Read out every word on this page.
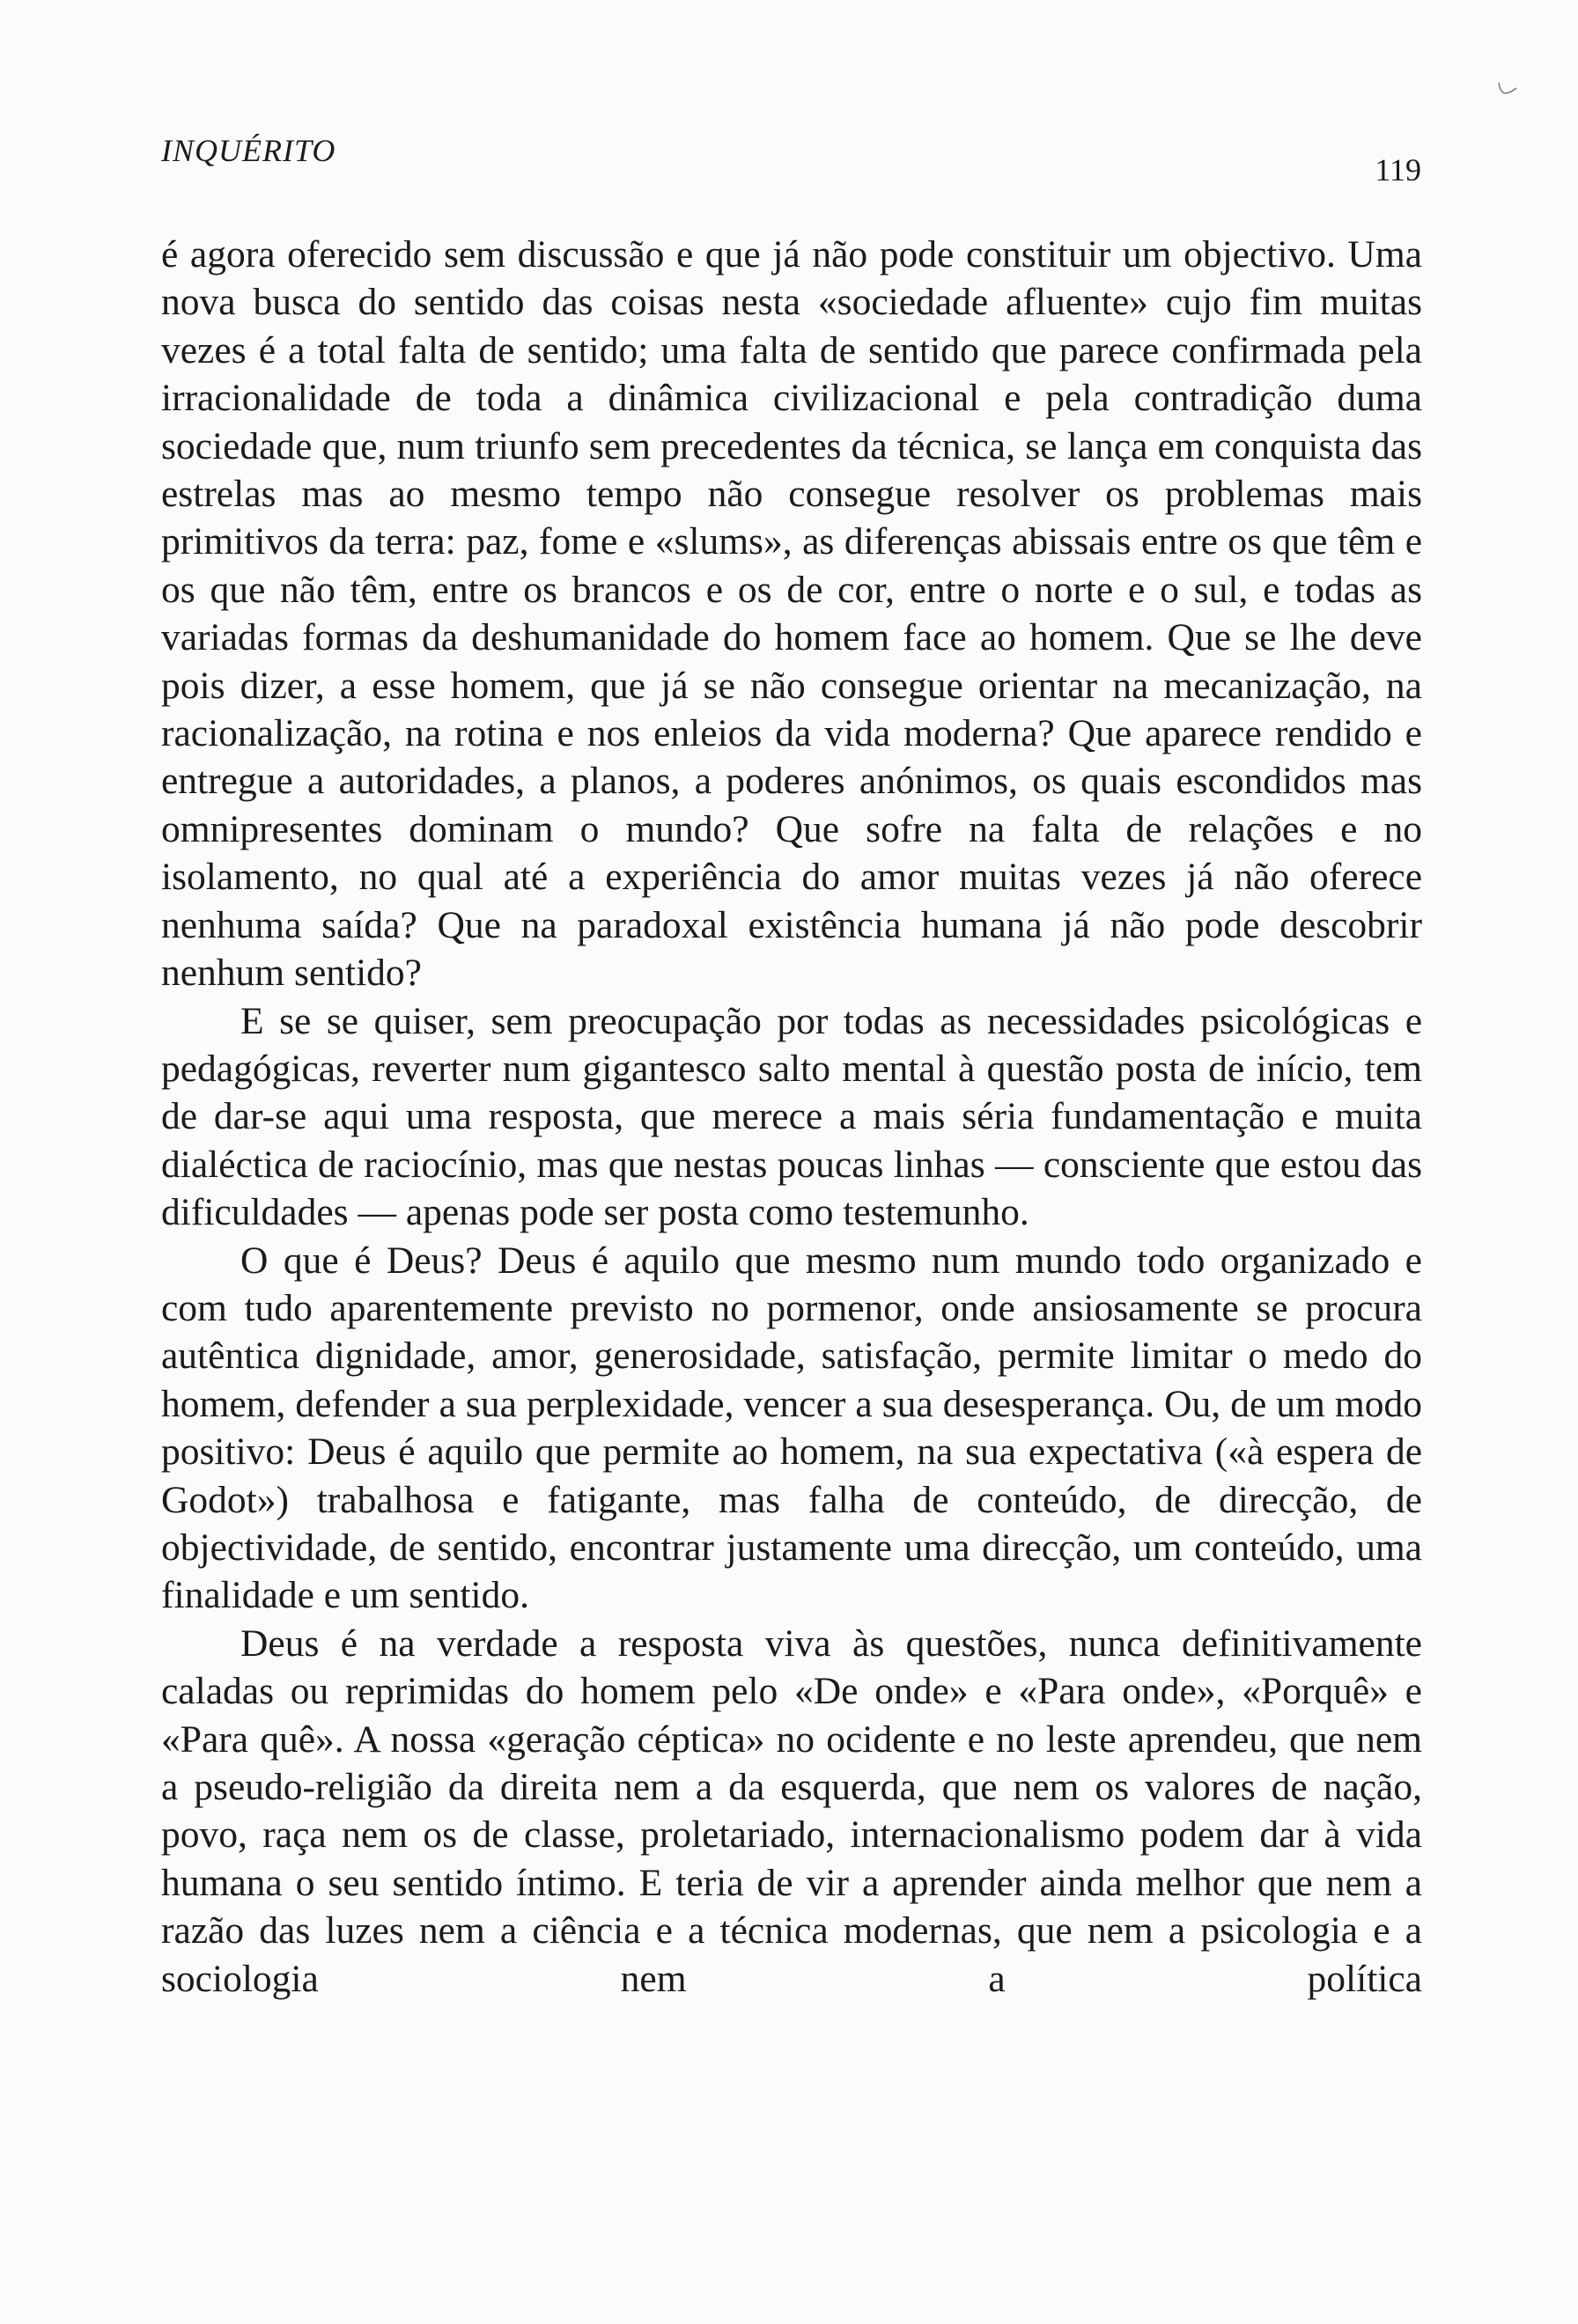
INQUÉRITO
119

é agora oferecido sem discussão e que já não pode constituir um objectivo. Uma nova busca do sentido das coisas nesta «sociedade afluente» cujo fim muitas vezes é a total falta de sentido; uma falta de sentido que parece confirmada pela irracionalidade de toda a dinâmica civilizacional e pela contradição duma sociedade que, num triunfo sem precedentes da técnica, se lança em conquista das estrelas mas ao mesmo tempo não consegue resolver os problemas mais primitivos da terra: paz, fome e «slums», as diferenças abissais entre os que têm e os que não têm, entre os brancos e os de cor, entre o norte e o sul, e todas as variadas formas da deshumanidade do homem face ao homem. Que se lhe deve pois dizer, a esse homem, que já se não consegue orientar na mecanização, na racionalização, na rotina e nos enleios da vida moderna? Que aparece rendido e entregue a autoridades, a planos, a poderes anónimos, os quais escondidos mas omnipresentes dominam o mundo? Que sofre na falta de relações e no isolamento, no qual até a experiência do amor muitas vezes já não oferece nenhuma saída? Que na paradoxal existência humana já não pode descobrir nenhum sentido?

E se se quiser, sem preocupação por todas as necessidades psicológicas e pedagógicas, reverter num gigantesco salto mental à questão posta de início, tem de dar-se aqui uma resposta, que merece a mais séria fundamentação e muita dialéctica de raciocínio, mas que nestas poucas linhas — consciente que estou das dificuldades — apenas pode ser posta como testemunho.

O que é Deus? Deus é aquilo que mesmo num mundo todo organizado e com tudo aparentemente previsto no pormenor, onde ansiosamente se procura autêntica dignidade, amor, generosidade, satisfação, permite limitar o medo do homem, defender a sua perplexidade, vencer a sua desesperança. Ou, de um modo positivo: Deus é aquilo que permite ao homem, na sua expectativa («à espera de Godot») trabalhosa e fatigante, mas falha de conteúdo, de direcção, de objectividade, de sentido, encontrar justamente uma direcção, um conteúdo, uma finalidade e um sentido.

Deus é na verdade a resposta viva às questões, nunca definitivamente caladas ou reprimidas do homem pelo «De onde» e «Para onde», «Porquê» e «Para quê». A nossa «geração céptica» no ocidente e no leste aprendeu, que nem a pseudo-religião da direita nem a da esquerda, que nem os valores de nação, povo, raça nem os de classe, proletariado, internacionalismo podem dar à vida humana o seu sentido íntimo. E teria de vir a aprender ainda melhor que nem a razão das luzes nem a ciência e a técnica modernas, que nem a psicologia e a sociologia nem a política
